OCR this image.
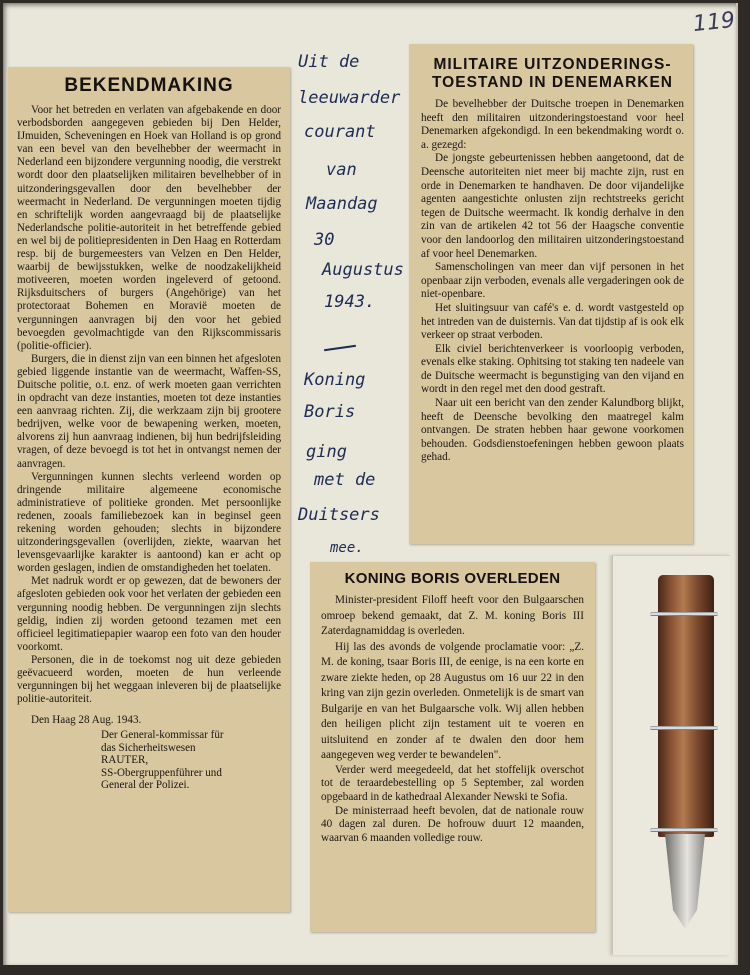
119
BEKENDMAKING

Voor het betreden en verlaten van afgebakende en door verbodsborden aangegeven gebieden bij Den Helder, IJmuiden, Scheveningen en Hoek van Holland is op grond van een bevel van den bevelhebber der weermacht in Nederland een bijzondere vergunning noodig, die verstrekt wordt door den plaatselijken militairen bevelhebber of in uitzonderingsgevallen door den bevelhebber der weermacht in Nederland. De vergunningen moeten tijdig en schriftelijk worden aangevraagd bij de plaatselijke Nederlandsche politie-autoriteit in het betreffende gebied en wel bij de politiepresidenten in Den Haag en Rotterdam resp. bij de burgemeesters van Velzen en Den Helder, waarbij de bewijsstukken, welke de noodzakelijkheid motiveeren, moeten worden ingeleverd of getoond. Rijksduitschers of burgers (Angehörige) van het protectoraat Bohemen en Moravië moeten de vergunningen aanvragen bij den voor het gebied bevoegden gevolmachtigde van den Rijkscommissaris (politie-officier).

Burgers, die in dienst zijn van een binnen het afgesloten gebied liggende instantie van de weermacht, Waffen-SS, Duitsche politie, o.t. enz. of werk moeten gaan verrichten in opdracht van deze instanties, moeten tot deze instanties een aanvraag richten. Zij, die werkzaam zijn bij grootere bedrijven, welke voor de bewapening werken, moeten, alvorens zij hun aanvraag indienen, bij hun bedrijfsleiding vragen, of deze bevoegd is tot het in ontvangst nemen der aanvragen.

Vergunningen kunnen slechts verleend worden op dringende militaire algemeene economische administratieve of politieke gronden. Met persoonlijke redenen, zooals familiebezoek kan in beginsel geen rekening worden gehouden; slechts in bijzondere uitzonderingsgevallen (overlijden, ziekte, waarvan het levensgevaarlijke karakter is aantoond) kan er acht op worden geslagen, indien de omstandigheden het toelaten.

Met nadruk wordt er op gewezen, dat de bewoners der afgesloten gebieden ook voor het verlaten der gebieden een vergunning noodig hebben. De vergunningen zijn slechts geldig, indien zij worden getoond tezamen met een officieel legitimatiepapier waarop een foto van den houder voorkomt.

Personen, die in de toekomst nog uit deze gebieden geëvacueerd worden, moeten de hun verleende vergunningen bij het weggaan inleveren bij de plaatselijke politie-autoriteit.

Den Haag 28 Aug. 1943.
Der General-kommissar für
das Sicherheitswesen
RAUTER,
SS-Obergruppenführer und
General der Polizei.
Uit de
leeuwarder
courant
van
Maandag
30
Augustus
1943.
Koning
Boris
ging
met de
Duitsers
mee.
MILITAIRE UITZONDERINGS-TOESTAND IN DENEMARKEN

De bevelhebber der Duitsche troepen in Denemarken heeft den militairen uitzonderingstoestand voor heel Denemarken afgekondigd. In een bekendmaking wordt o. a. gezegd:

De jongste gebeurtenissen hebben aangetoond, dat de Deensche autoriteiten niet meer bij machte zijn, rust en orde in Denemarken te handhaven. De door vijandelijke agenten aangestichte onlusten zijn rechtstreeks gericht tegen de Duitsche weermacht. Ik kondig derhalve in den zin van de artikelen 42 tot 56 der Haagsche conventie voor den landoorlog den militairen uitzonderingstoestand af voor heel Denemarken.

Samenscholingen van meer dan vijf personen in het openbaar zijn verboden, evenals alle vergaderingen ook de niet-openbare.

Het sluitingsuur van café's e. d. wordt vastgesteld op het intreden van de duisternis. Van dat tijdstip af is ook elk verkeer op straat verboden.

Elk civiel berichtenverkeer is voorloopig verboden, evenals elke staking. Ophitsing tot staking ten nadeele van de Duitsche weermacht is begunstiging van den vijand en wordt in den regel met den dood gestraft.

Naar uit een bericht van den zender Kalundborg blijkt, heeft de Deensche bevolking den maatregel kalm ontvangen. De straten hebben haar gewone voorkomen behouden. Godsdienstoefeningen hebben gewoon plaats gehad.

KONING BORIS OVERLEDEN

Minister-president Filoff heeft voor den Bulgaarschen omroep bekend gemaakt, dat Z. M. koning Boris III Zaterdagnamiddag is overleden.

Hij las des avonds de volgende proclamatie voor: „Z. M. de koning, tsaar Boris III, de eenige, is na een korte en zware ziekte heden, op 28 Augustus om 16 uur 22 in den kring van zijn gezin overleden. Onmetelijk is de smart van Bulgarije en van het Bulgaarsche volk. Wij allen hebben den heiligen plicht zijn testament uit te voeren en uitsluitend en zonder af te dwalen den door hem aangegeven weg verder te bewandelen".

Verder werd meegedeeld, dat het stoffelijk overschot tot de teraardebestelling op 5 September, zal worden opgebaard in de kathedraal Alexander Newski te Sofia.

De ministerraad heeft bevolen, dat de nationale rouw 40 dagen zal duren. De hofrouw duurt 12 maanden, waarvan 6 maanden volledige rouw.
